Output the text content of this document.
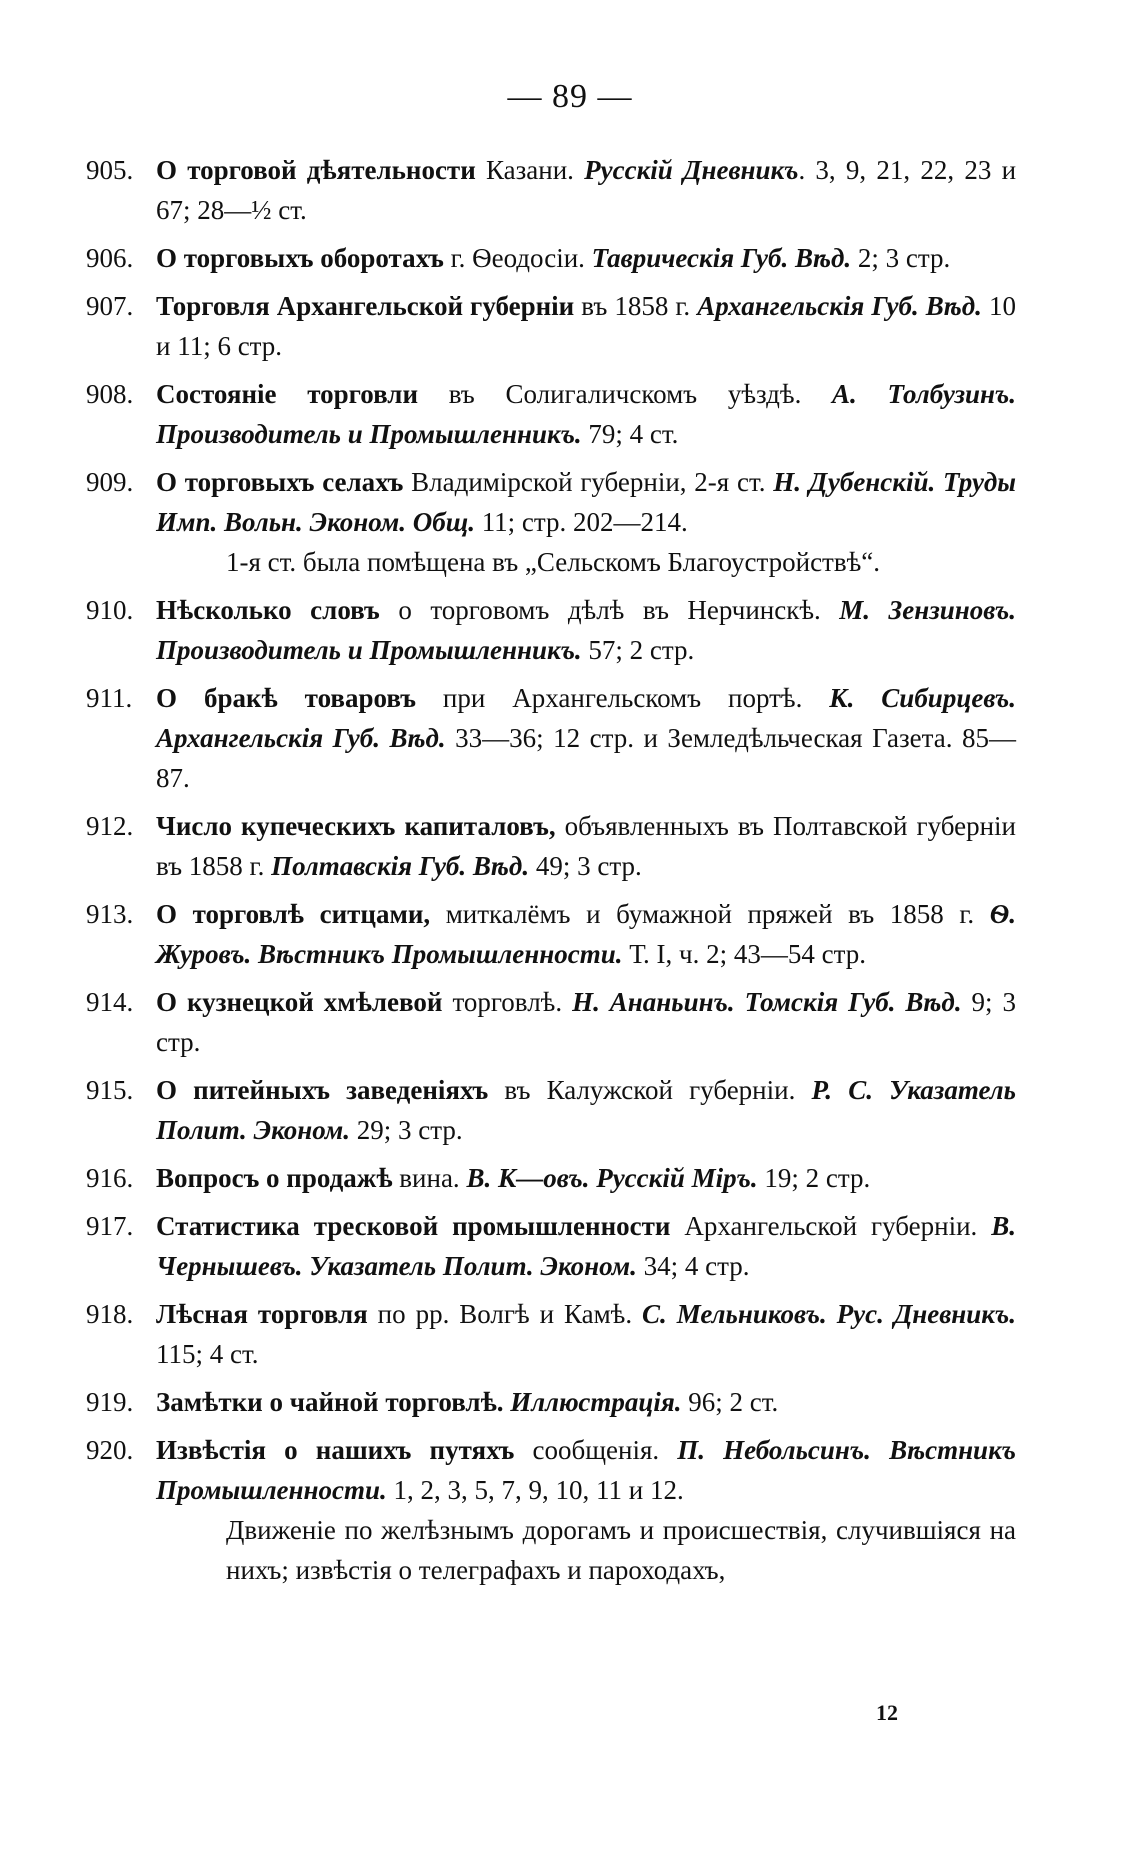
— 89 —
905. О торговой дѣятельности Казани. Русскій Дневникъ. 3, 9, 21, 22, 23 и 67; 28—½ ст.
906. О торговыхъ оборотахъ г. Ѳеодосіи. Таврическія Губ. Вѣд. 2; 3 стр.
907. Торговля Архангельской губерніи въ 1858 г. Архангельскія Губ. Вѣд. 10 и 11; 6 стр.
908. Состояніе торговли въ Солигаличскомъ уѣздѣ. А. Толбузинъ. Производитель и Промышленникъ. 79; 4 ст.
909. О торговыхъ селахъ Владимірской губерніи, 2-я ст. Н. Дубенскій. Труды Имп. Вольн. Эконом. Общ. 11; стр. 202—214.
1-я ст. была помѣщена въ „Сельскомъ Благоустройствѣ“.
910. Нѣсколько словъ о торговомъ дѣлѣ въ Нерчинскѣ. М. Зензиновъ. Производитель и Промышленникъ. 57; 2 стр.
911. О бракѣ товаровъ при Архангельскомъ портѣ. К. Сибирцевъ. Архангельскія Губ. Вѣд. 33—36; 12 стр. и Земледѣльческая Газета. 85—87.
912. Число купеческихъ капиталовъ, объявленныхъ въ Полтавской губерніи въ 1858 г. Полтавскія Губ. Вѣд. 49; 3 стр.
913. О торговлѣ ситцами, миткалёмъ и бумажной пряжей въ 1858 г. Ѳ. Журовъ. Вѣстникъ Промышленности. Т. I, ч. 2; 43—54 стр.
914. О кузнецкой хмѣлевой торговлѣ. Н. Ананьинъ. Томскія Губ. Вѣд. 9; 3 стр.
915. О питейныхъ заведеніяхъ въ Калужской губерніи. Р. С. Указатель Полит. Эконом. 29; 3 стр.
916. Вопросъ о продажѣ вина. В. К—овъ. Русскій Міръ. 19; 2 стр.
917. Статистика тресковой промышленности Архангельской губерніи. В. Чернышевъ. Указатель Полит. Эконом. 34; 4 стр.
918. Лѣсная торговля по рр. Волгѣ и Камѣ. С. Мельниковъ. Рус. Дневникъ. 115; 4 ст.
919. Замѣтки о чайной торговлѣ. Иллюстрація. 96; 2 ст.
920. Извѣстія о нашихъ путяхъ сообщенія. П. Небольсинъ. Вѣстникъ Промышленности. 1, 2, 3, 5, 7, 9, 10, 11 и 12.
Движеніе по желѣзнымъ дорогамъ и происшествія, случившіяся на нихъ; извѣстія о телеграфахъ и пароходахъ,
12
